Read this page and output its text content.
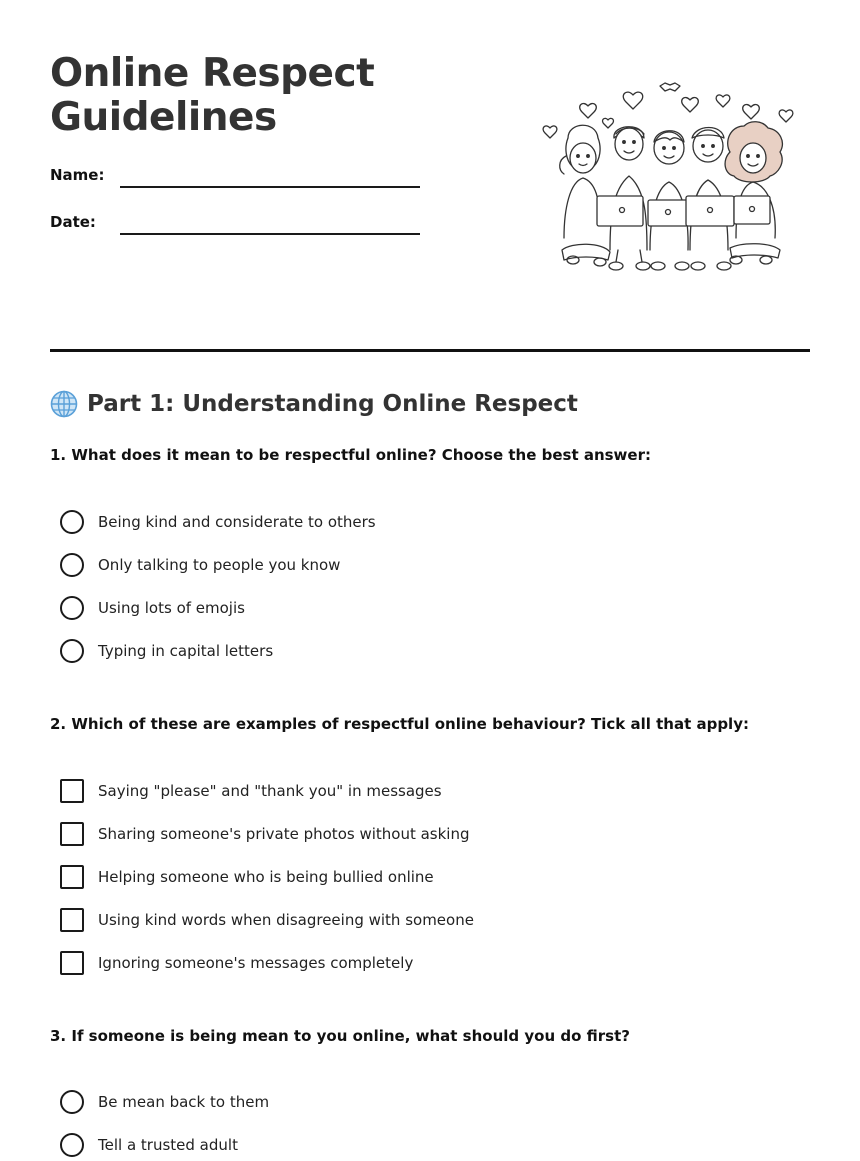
Online Respect
Guidelines
Name:
Date:
Part 1: Understanding Online Respect
1. What does it mean to be respectful online? Choose the best answer:
Being kind and considerate to others
Only talking to people you know
Using lots of emojis
Typing in capital letters
2. Which of these are examples of respectful online behaviour? Tick all that apply:
Saying "please" and "thank you" in messages
Sharing someone's private photos without asking
Helping someone who is being bullied online
Using kind words when disagreeing with someone
Ignoring someone's messages completely
3. If someone is being mean to you online, what should you do first?
Be mean back to them
Tell a trusted adult
